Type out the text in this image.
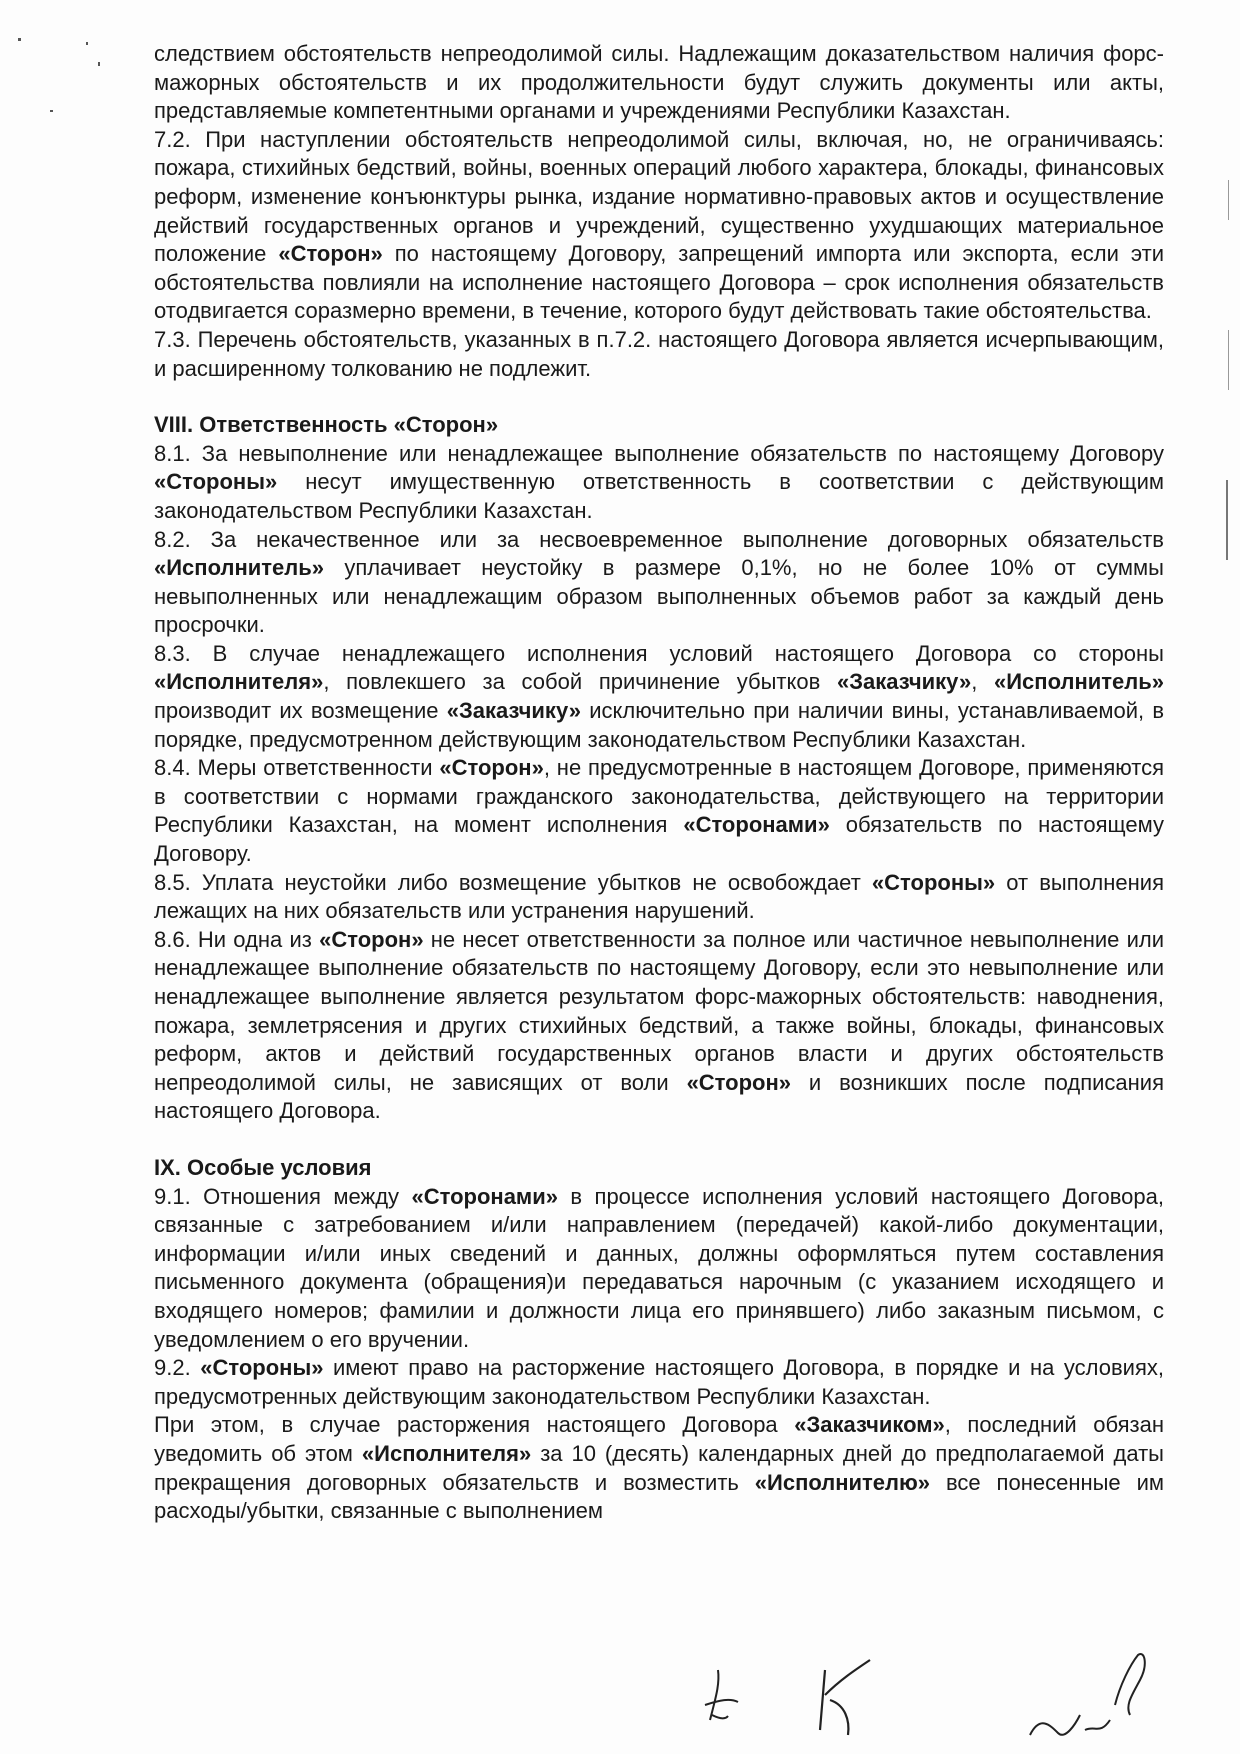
следствием обстоятельств непреодолимой силы. Надлежащим доказательством наличия форс-мажорных обстоятельств и их продолжительности будут служить документы или акты, представляемые компетентными органами и учреждениями Республики Казахстан.

7.2. При наступлении обстоятельств непреодолимой силы, включая, но, не ограничиваясь: пожара, стихийных бедствий, войны, военных операций любого характера, блокады, финансовых реформ, изменение конъюнктуры рынка, издание нормативно-правовых актов и осуществление действий государственных органов и учреждений, существенно ухудшающих материальное положение «Сторон» по настоящему Договору, запрещений импорта или экспорта, если эти обстоятельства повлияли на исполнение настоящего Договора – срок исполнения обязательств отодвигается соразмерно времени, в течение, которого будут действовать такие обстоятельства.

7.3. Перечень обстоятельств, указанных в п.7.2. настоящего Договора является исчерпывающим, и расширенному толкованию не подлежит.

VIII. Ответственность «Сторон»

8.1. За невыполнение или ненадлежащее выполнение обязательств по настоящему Договору «Стороны» несут имущественную ответственность в соответствии с действующим законодательством Республики Казахстан.

8.2. За некачественное или за несвоевременное выполнение договорных обязательств «Исполнитель» уплачивает неустойку в размере 0,1%, но не более 10% от суммы невыполненных или ненадлежащим образом выполненных объемов работ за каждый день просрочки.

8.3. В случае ненадлежащего исполнения условий настоящего Договора со стороны «Исполнителя», повлекшего за собой причинение убытков «Заказчику», «Исполнитель» производит их возмещение «Заказчику» исключительно при наличии вины, устанавливаемой, в порядке, предусмотренном действующим законодательством Республики Казахстан.

8.4. Меры ответственности «Сторон», не предусмотренные в настоящем Договоре, применяются в соответствии с нормами гражданского законодательства, действующего на территории Республики Казахстан, на момент исполнения «Сторонами» обязательств по настоящему Договору.

8.5. Уплата неустойки либо возмещение убытков не освобождает «Стороны» от выполнения лежащих на них обязательств или устранения нарушений.

8.6. Ни одна из «Сторон» не несет ответственности за полное или частичное невыполнение или ненадлежащее выполнение обязательств по настоящему Договору, если это невыполнение или ненадлежащее выполнение является результатом форс-мажорных обстоятельств: наводнения, пожара, землетрясения и других стихийных бедствий, а также войны, блокады, финансовых реформ, актов и действий государственных органов власти и других обстоятельств непреодолимой силы, не зависящих от воли «Сторон» и возникших после подписания настоящего Договора.

IX. Особые условия

9.1. Отношения между «Сторонами» в процессе исполнения условий настоящего Договора, связанные с затребованием и/или направлением (передачей) какой-либо документации, информации и/или иных сведений и данных, должны оформляться путем составления письменного документа (обращения)и передаваться нарочным (с указанием исходящего и входящего номеров; фамилии и должности лица его принявшего) либо заказным письмом, с уведомлением о его вручении.

9.2. «Стороны» имеют право на расторжение настоящего Договора, в порядке и на условиях, предусмотренных действующим законодательством Республики Казахстан.

При этом, в случае расторжения настоящего Договора «Заказчиком», последний обязан уведомить об этом «Исполнителя» за 10 (десять) календарных дней до предполагаемой даты прекращения договорных обязательств и возместить «Исполнителю» все понесенные им расходы/убытки, связанные с выполнением
